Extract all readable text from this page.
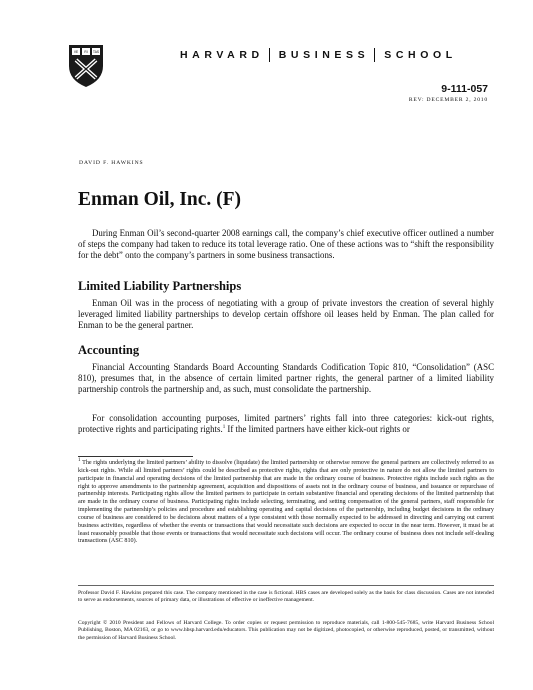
VE RI TAS	HARVARD BUSINESS SCHOOL
9-111-057
REV: DECEMBER 2, 2010
DAVID F. HAWKINS
Enman Oil, Inc. (F)

During Enman Oil’s second-quarter 2008 earnings call, the company’s chief executive officer outlined a number of steps the company had taken to reduce its total leverage ratio. One of these actions was to “shift the responsibility for the debt” onto the company’s partners in some business transactions.

Limited Liability Partnerships

Enman Oil was in the process of negotiating with a group of private investors the creation of several highly leveraged limited liability partnerships to develop certain offshore oil leases held by Enman. The plan called for Enman to be the general partner.

Accounting

Financial Accounting Standards Board Accounting Standards Codification Topic 810, “Consolidation” (ASC 810), presumes that, in the absence of certain limited partner rights, the general partner of a limited liability partnership controls the partnership and, as such, must consolidate the partnership.

For consolidation accounting purposes, limited partners’ rights fall into three categories: kick-out rights, protective rights and participating rights.$^1$ If the limited partners have either kick-out rights or

$^1$ The rights underlying the limited partners’ ability to dissolve (liquidate) the limited partnership or otherwise remove the general partners are collectively referred to as kick-out rights. While all limited partners’ rights could be described as protective rights, rights that are only protective in nature do not allow the limited partners to participate in financial and operating decisions of the limited partnership that are made in the ordinary course of business. Protective rights include such rights as the right to approve amendments to the partnership agreement, acquisition and dispositions of assets not in the ordinary course of business, and issuance or repurchase of partnership interests. Participating rights allow the limited partners to participate in certain substantive financial and operating decisions of the limited partnership that are made in the ordinary course of business. Participating rights include selecting, terminating, and setting compensation of the general partners, staff responsible for implementing the partnership’s policies and procedure and establishing operating and capital decisions of the partnership, including budget decisions in the ordinary course of business are considered to be decisions about matters of a type consistent with those normally expected to be addressed in directing and carrying out current business activities, regardless of whether the events or transactions that would necessitate such decisions are expected to occur in the near term. However, it must be at least reasonably possible that those events or transactions that would necessitate such decisions will occur. The ordinary course of business does not include self-dealing transactions (ASC 810).
Professor David F. Hawkins prepared this case. The company mentioned in the case is fictional. HBS cases are developed solely as the basis for class discussion. Cases are not intended to serve as endorsements, sources of primary data, or illustrations of effective or ineffective management.
Copyright © 2010 President and Fellows of Harvard College. To order copies or request permission to reproduce materials, call 1-800-545-7685, write Harvard Business School Publishing, Boston, MA 02163, or go to www.hbsp.harvard.edu/educators. This publication may not be digitized, photocopied, or otherwise reproduced, posted, or transmitted, without the permission of Harvard Business School.
